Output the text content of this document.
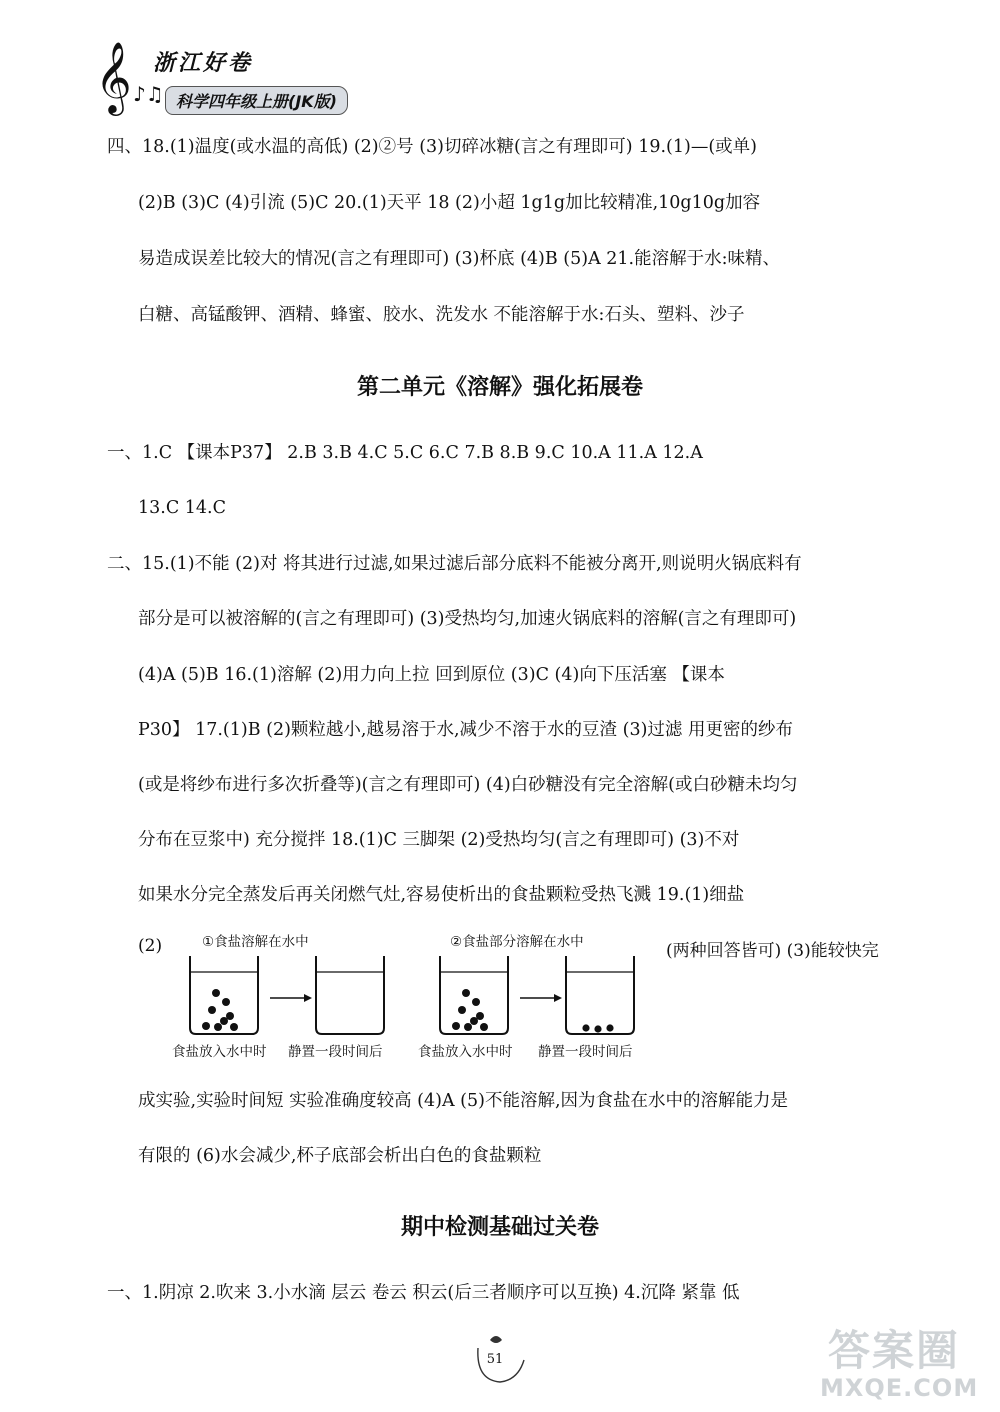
𝄞 ♪♫
浙江好卷
科学四年级上册(JK版)
四、18.(1)温度(或水温的高低) (2)②号 (3)切碎冰糖(言之有理即可) 19.(1)—(或单)
(2)B (3)C (4)引流 (5)C 20.(1)天平 18 (2)小超 1g1g加比较精准,10g10g加容
易造成误差比较大的情况(言之有理即可) (3)杯底 (4)B (5)A 21.能溶解于水:味精、
白糖、高锰酸钾、酒精、蜂蜜、胶水、洗发水 不能溶解于水:石头、塑料、沙子
第二单元《溶解》强化拓展卷
一、1.C 【课本P37】 2.B 3.B 4.C 5.C 6.C 7.B 8.B 9.C 10.A 11.A 12.A
13.C 14.C
二、15.(1)不能 (2)对 将其进行过滤,如果过滤后部分底料不能被分离开,则说明火锅底料有
部分是可以被溶解的(言之有理即可) (3)受热均匀,加速火锅底料的溶解(言之有理即可)
(4)A (5)B 16.(1)溶解 (2)用力向上拉 回到原位 (3)C (4)向下压活塞 【课本
P30】 17.(1)B (2)颗粒越小,越易溶于水,减少不溶于水的豆渣 (3)过滤 用更密的纱布
(或是将纱布进行多次折叠等)(言之有理即可) (4)白砂糖没有完全溶解(或白砂糖未均匀
分布在豆浆中) 充分搅拌 18.(1)C 三脚架 (2)受热均匀(言之有理即可) (3)不对
如果水分完全蒸发后再关闭燃气灶,容易使析出的食盐颗粒受热飞溅 19.(1)细盐
(2)	①食盐溶解在水中	②食盐部分溶解在水中	(两种回答皆可) (3)能较快完
食盐放入水中时 静置一段时间后	食盐放入水中时 静置一段时间后
成实验,实验时间短 实验准确度较高 (4)A (5)不能溶解,因为食盐在水中的溶解能力是
有限的 (6)水会减少,杯子底部会析出白色的食盐颗粒
期中检测基础过关卷
一、1.阴凉 2.吹来 3.小水滴 层云 卷云 积云(后三者顺序可以互换) 4.沉降 紧靠 低
51	答案圈
MXQE.COM
